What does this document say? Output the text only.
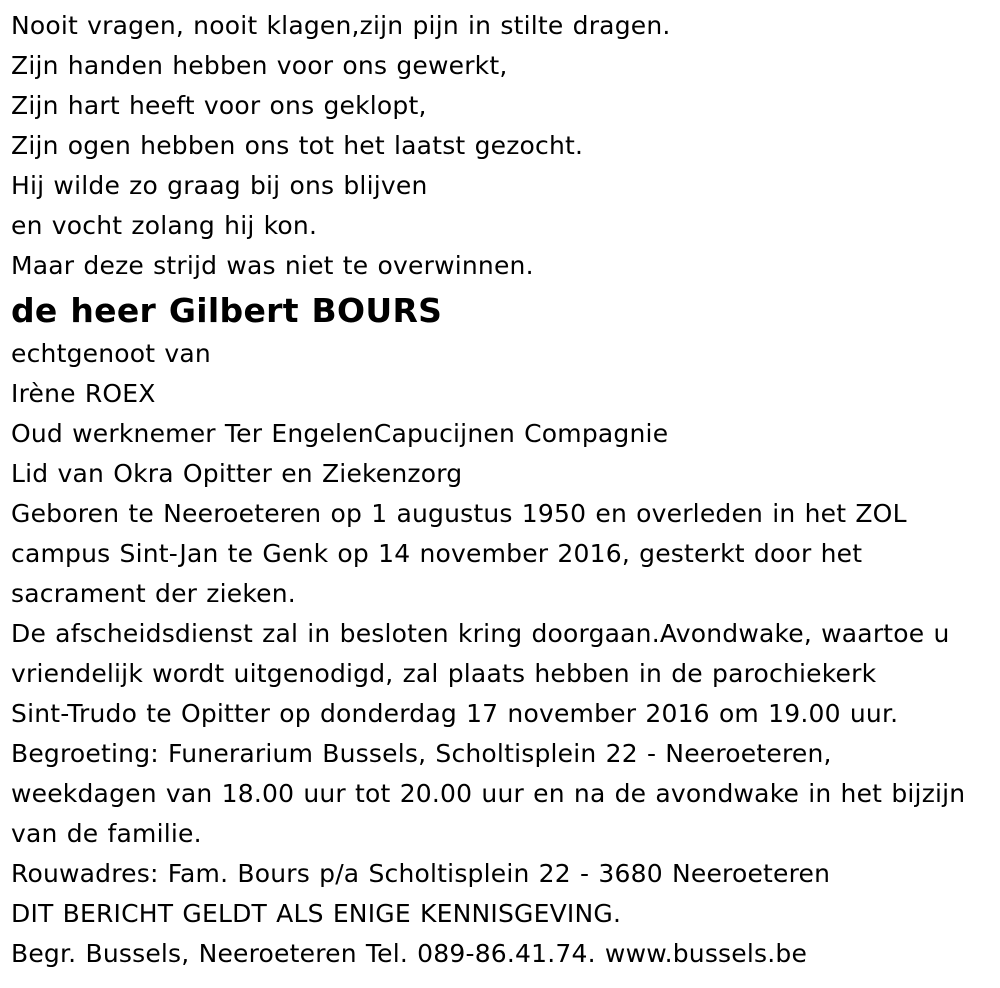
Nooit vragen, nooit klagen,zijn pijn in stilte dragen.
Zijn handen hebben voor ons gewerkt,
Zijn hart heeft voor ons geklopt,
Zijn ogen hebben ons tot het laatst gezocht.
Hij wilde zo graag bij ons blijven
en vocht zolang hij kon.
Maar deze strijd was niet te overwinnen.
de heer Gilbert BOURS
echtgenoot van
Irène ROEX
Oud werknemer Ter EngelenCapucijnen Compagnie
Lid van Okra Opitter en Ziekenzorg
Geboren te Neeroeteren op 1 augustus 1950 en overleden in het ZOL
campus Sint-Jan te Genk op 14 november 2016, gesterkt door het
sacrament der zieken.
De afscheidsdienst zal in besloten kring doorgaan.Avondwake, waartoe u
vriendelijk wordt uitgenodigd, zal plaats hebben in de parochiekerk
Sint-Trudo te Opitter op donderdag 17 november 2016 om 19.00 uur.
Begroeting: Funerarium Bussels, Scholtisplein 22 - Neeroeteren,
weekdagen van 18.00 uur tot 20.00 uur en na de avondwake in het bijzijn
van de familie.
Rouwadres: Fam. Bours p/a Scholtisplein 22 - 3680 Neeroeteren
DIT BERICHT GELDT ALS ENIGE KENNISGEVING.
Begr. Bussels, Neeroeteren Tel. 089-86.41.74. www.bussels.be
